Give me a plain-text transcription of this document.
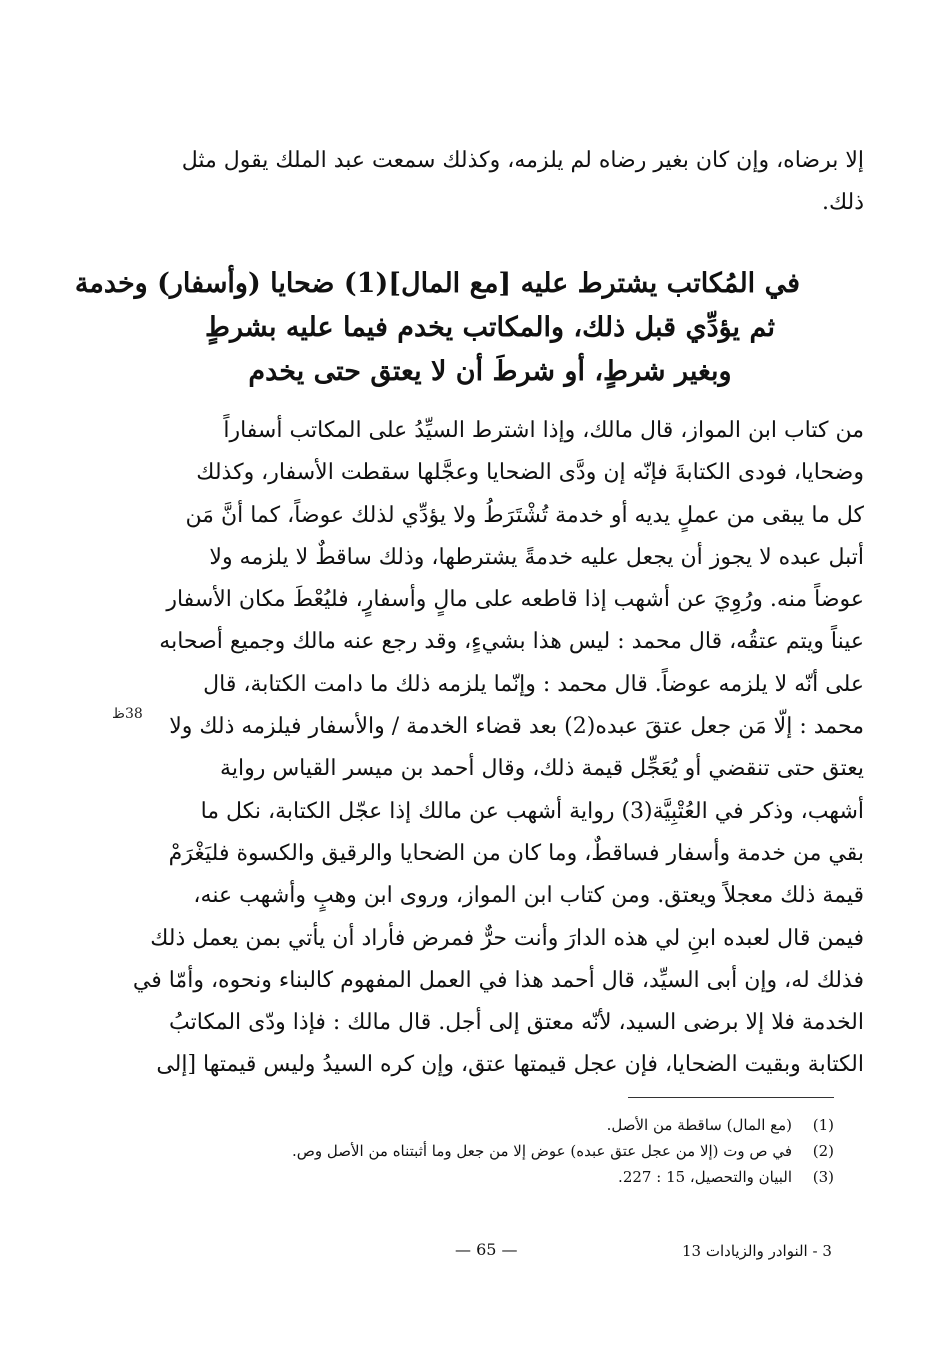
إلا برضاه، وإن كان بغير رضاه لم يلزمه، وكذلك سمعت عبد الملك يقول مثل
ذلك.
في المُكاتب يشترط عليه [مع المال](1) ضحايا (وأسفار) وخدمة
ثم يؤدِّي قبل ذلك، والمكاتب يخدم فيما عليه بشرطٍ
وبغير شرطٍ، أو شرطَ أن لا يعتق حتى يخدم
من كتاب ابن المواز، قال مالك، وإذا اشترط السيِّدُ على المكاتب أسفاراً
وضحايا، فودى الكتابةَ فإنّه إن ودَّى الضحايا وعجَّلها سقطت الأسفار، وكذلك
كل ما يبقى من عملٍ يديه أو خدمة تُشْتَرَطُ ولا يؤدِّي لذلك عوضاً، كما أنَّ مَن
أتبل عبده لا يجوز أن يجعل عليه خدمةً يشترطها، وذلك ساقطٌ لا يلزمه ولا
عوضاً منه. ورُوِيَ عن أشهب إذا قاطعه على مالٍ وأسفارٍ، فليُعْطَ مكان الأسفار
عيناً ويتم عتقُه، قال محمد : ليس هذا بشيءٍ، وقد رجع عنه مالك وجميع أصحابه
على أنّه لا يلزمه عوضاً. قال محمد : وإنّما يلزمه ذلك ما دامت الكتابة، قال
محمد : إلّا مَن جعل عتقَ عبده(2) بعد قضاء الخدمة / والأسفار فيلزمه ذلك ولا
يعتق حتى تنقضي أو يُعَجِّل قيمة ذلك، وقال أحمد بن ميسر القياس رواية
أشهب، وذكر في العُتْبِيَّة(3) رواية أشهب عن مالك إذا عجّل الكتابة، نكل ما
بقي من خدمة وأسفار فساقطٌ، وما كان من الضحايا والرقيق والكسوة فليَغْرَمْ
قيمة ذلك معجلاً ويعتق. ومن كتاب ابن المواز، وروى ابن وهبٍ وأشهب عنه،
فيمن قال لعبده ابنِ لي هذه الدارَ وأنت حرٌّ فمرض فأراد أن يأتي بمن يعمل ذلك
فذلك له، وإن أبى السيِّد، قال أحمد هذا في العمل المفهوم كالبناء ونحوه، وأمّا في
الخدمة فلا إلا برضى السيد، لأنّه معتق إلى أجل. قال مالك : فإذا ودّى المكاتبُ
الكتابة وبقيت الضحايا، فإن عجل قيمتها عتق، وإن كره السيدُ وليس قيمتها [إلى
38ظ
(1)
(مع المال) ساقطة من الأصل.
(2)
في ص وت (إلا من عجل عتق عبده) عوض إلا من جعل وما أثبتناه من الأصل وص.
(3)
البيان والتحصيل، 15 : 227.
3 - النوادر والزيادات 13
— 65 —
